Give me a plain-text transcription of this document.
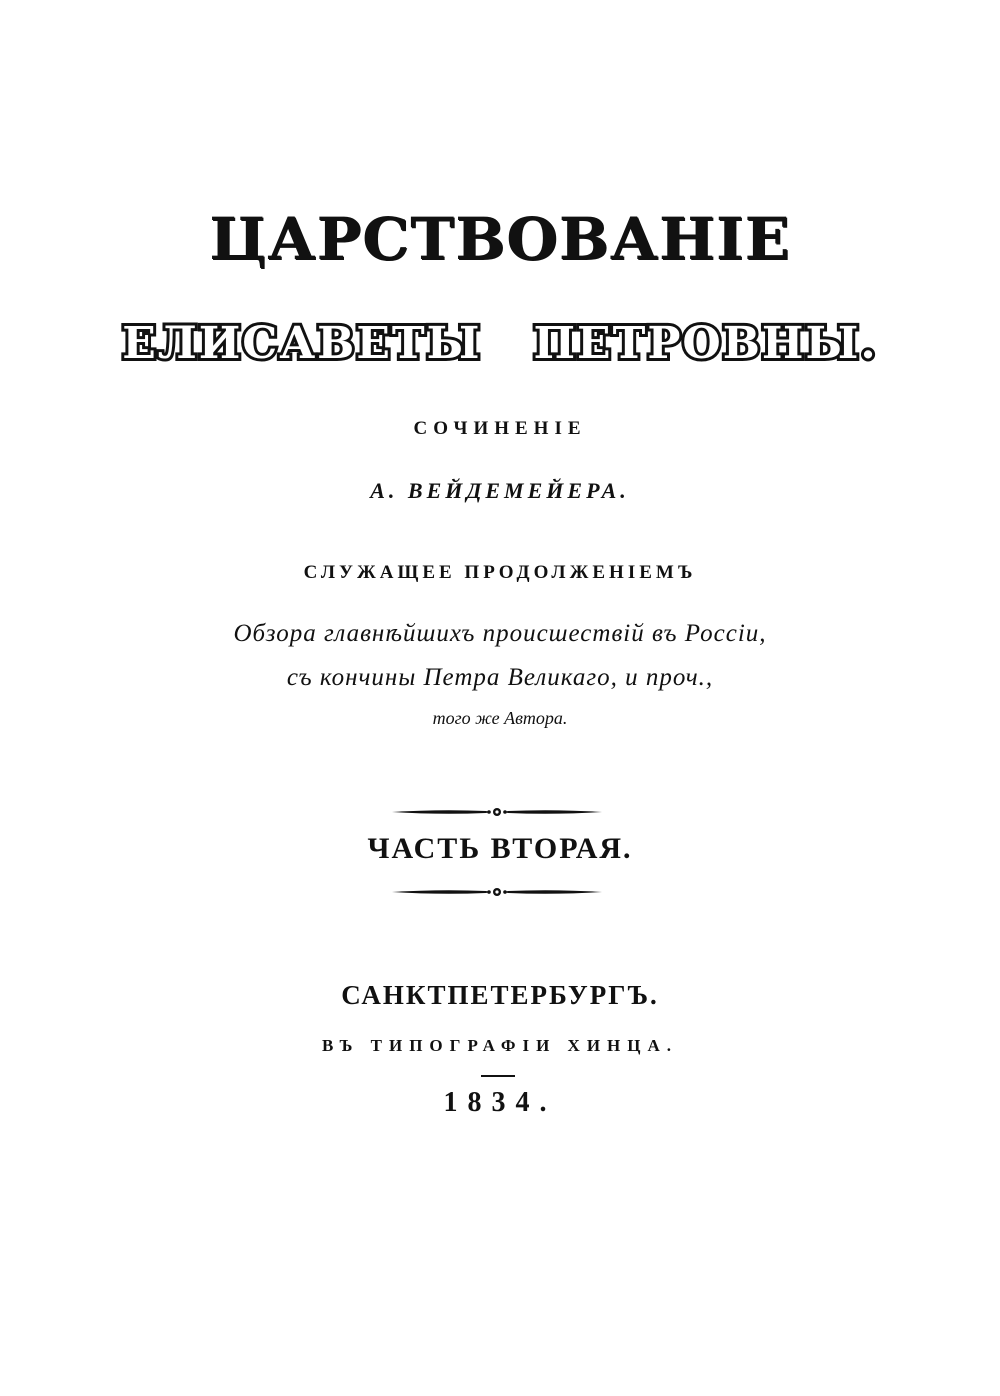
ЦАРСТВОВАНІЕ
ЕЛИСАВЕТЫ ПЕТРОВНЫ.
СОЧИНЕНІЕ
А. ВЕЙДЕМЕЙЕРА.
СЛУЖАЩЕЕ ПРОДОЛЖЕНІЕМЪ
Обзора главнѣйшихъ происшествій въ Россіи,
съ кончины Петра Великаго, и проч.,
того же Автора.
ЧАСТЬ ВТОРАЯ.
САНКТПЕТЕРБУРГЪ.
ВЪ ТИПОГРАФІИ ХИНЦА.
1834.
